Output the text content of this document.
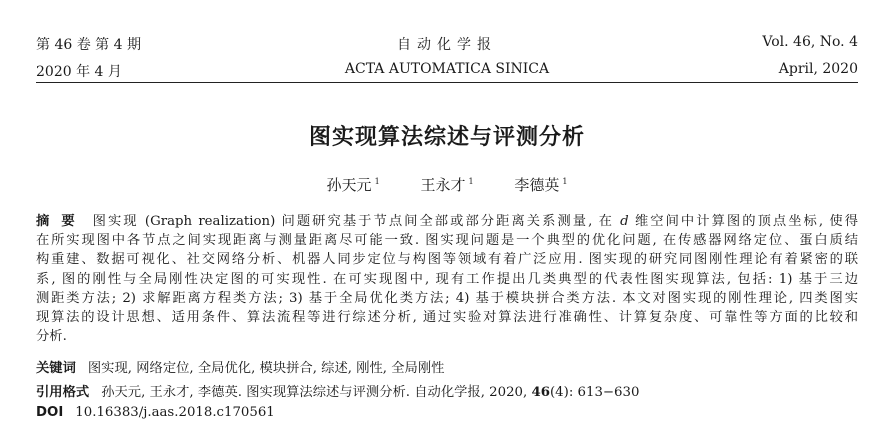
第 46 卷 第 4 期	自动化学报	Vol. 46, No. 4
2020 年 4 月	ACTA AUTOMATICA SINICA	April, 2020
图实现算法综述与评测分析
孙天元 $^1$	王永才 $^1$	李德英 $^1$
摘要 图实现 (Graph realization) 问题研究基于节点间全部或部分距离关系测量, 在 d 维空间中计算图的顶点坐标, 使得
在所实现图中各节点之间实现距离与测量距离尽可能一致. 图实现问题是一个典型的优化问题, 在传感器网络定位、蛋白质结
构重建、数据可视化、社交网络分析、机器人同步定位与构图等领域有着广泛应用. 图实现的研究同图刚性理论有着紧密的联
系, 图的刚性与全局刚性决定图的可实现性. 在可实现图中, 现有工作提出几类典型的代表性图实现算法, 包括: 1) 基于三边
测距类方法; 2) 求解距离方程类方法; 3) 基于全局优化类方法; 4) 基于模块拼合类方法. 本文对图实现的刚性理论, 四类图实
现算法的设计思想、适用条件、算法流程等进行综述分析, 通过实验对算法进行准确性、计算复杂度、可靠性等方面的比较和
分析.
关键词 图实现, 网络定位, 全局优化, 模块拼合, 综述, 刚性, 全局刚性
引用格式 孙天元, 王永才, 李德英. 图实现算法综述与评测分析. 自动化学报, 2020, 46(4): 613−630
DOI 10.16383/j.aas.2018.c170561
